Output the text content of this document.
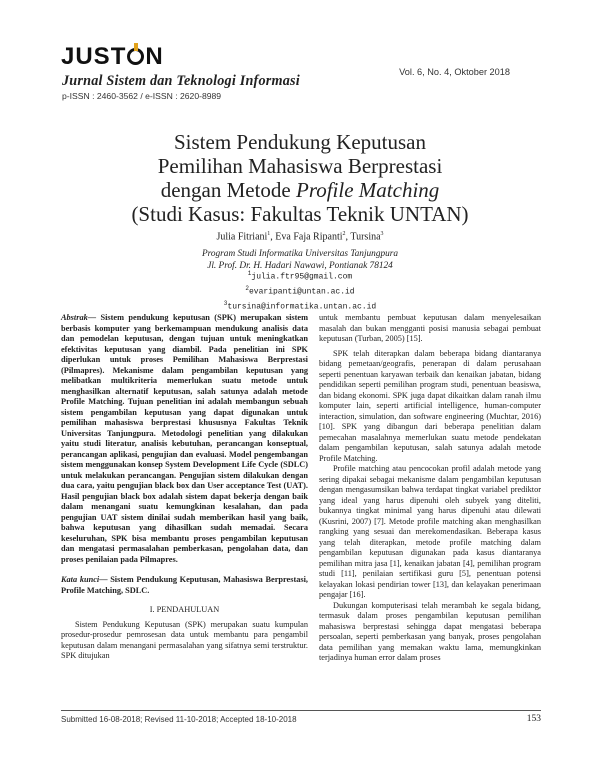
JUST N
Jurnal Sistem dan Teknologi Informasi
p-ISSN : 2460-3562 / e-ISSN : 2620-8989
Vol. 6, No. 4, Oktober 2018
Sistem Pendukung Keputusan
Pemilihan Mahasiswa Berprestasi
dengan Metode Profile Matching
(Studi Kasus: Fakultas Teknik UNTAN)
Julia Fitriani$^1$, Eva Faja Ripanti$^2$, Tursina$^3$
Program Studi Informatika Universitas Tanjungpura
Jl. Prof. Dr. H. Hadari Nawawi, Pontianak 78124
$^1$julia.ftr95@gmail.com
$^2$evaripanti@untan.ac.id
$^3$tursina@informatika.untan.ac.id

Abstrak— Sistem pendukung keputusan (SPK) merupakan sistem berbasis komputer yang berkemampuan mendukung analisis data dan pemodelan keputusan, dengan tujuan untuk meningkatkan efektivitas keputusan yang diambil. Pada penelitian ini SPK diperlukan untuk proses Pemilihan Mahasiswa Berprestasi (Pilmapres). Mekanisme dalam pengambilan keputusan yang melibatkan multikriteria memerlukan suatu metode untuk menghasilkan alternatif keputusan, salah satunya adalah metode Profile Matching. Tujuan penelitian ini adalah membangun sebuah sistem pengambilan keputusan yang dapat digunakan untuk pemilihan mahasiswa berprestasi khususnya Fakultas Teknik Universitas Tanjungpura. Metodologi penelitian yang dilakukan yaitu studi literatur, analisis kebutuhan, perancangan konseptual, perancangan aplikasi, pengujian dan evaluasi. Model pengembangan sistem menggunakan konsep System Development Life Cycle (SDLC) untuk melakukan perancangan. Pengujian sistem dilakukan dengan dua cara, yaitu pengujian black box dan User acceptance Test (UAT). Hasil pengujian black box adalah sistem dapat bekerja dengan baik dalam menangani suatu kemungkinan kesalahan, dan pada pengujian UAT sistem dinilai sudah memberikan hasil yang baik, bahwa keputusan yang dihasilkan sudah memadai. Secara keseluruhan, SPK bisa membantu proses pengambilan keputusan dan mengatasi permasalahan pemberkasan, pengolahan data, dan proses penilaian pada Pilmapres.

Kata kunci— Sistem Pendukung Keputusan, Mahasiswa Berprestasi, Profile Matching, SDLC.

I. PENDAHULUAN

Sistem Pendukung Keputusan (SPK) merupakan suatu kumpulan prosedur-prosedur pemrosesan data untuk membantu para pengambil keputusan dalam menangani permasalahan yang sifatnya semi terstruktur. SPK ditujukan

untuk membantu pembuat keputusan dalam menyelesaikan masalah dan bukan mengganti posisi manusia sebagai pembuat keputusan (Turban, 2005) [15].

SPK telah diterapkan dalam beberapa bidang diantaranya bidang pemetaan/geografis, penerapan di dalam perusahaan seperti penentuan karyawan terbaik dan kenaikan jabatan, bidang pendidikan seperti pemilihan program studi, penentuan beasiswa, dan bidang ekonomi. SPK juga dapat dikaitkan dalam ranah ilmu komputer lain, seperti artificial intelligence, human-computer interaction, simulation, dan software engineering (Muchtar, 2016) [10]. SPK yang dibangun dari beberapa penelitian dalam pemecahan masalahnya memerlukan suatu metode pendekatan dalam pengambilan keputusan, salah satunya adalah metode Profile Matching.

Profile matching atau pencocokan profil adalah metode yang sering dipakai sebagai mekanisme dalam pengambilan keputusan dengan mengasumsikan bahwa terdapat tingkat variabel prediktor yang ideal yang harus dipenuhi oleh subyek yang diteliti, bukannya tingkat minimal yang harus dipenuhi atau dilewati (Kusrini, 2007) [7]. Metode profile matching akan menghasilkan rangking yang sesuai dan merekomendasikan. Beberapa kasus yang telah diterapkan, metode profile matching dalam pengambilan keputusan digunakan pada kasus diantaranya pemilihan mitra jasa [1], kenaikan jabatan [4], pemilihan program studi [11], penilaian sertifikasi guru [5], penentuan potensi kelayakan lokasi pendirian tower [13], dan kelayakan penerimaan pengajar [16].

Dukungan komputerisasi telah merambah ke segala bidang, termasuk dalam proses pengambilan keputusan pemilihan mahasiswa berprestasi sehingga dapat mengatasi beberapa persoalan, seperti pemberkasan yang banyak, proses pengolahan data pemilihan yang memakan waktu lama, memungkinkan terjadinya human error dalam proses

Submitted 16-08-2018; Revised 11-10-2018; Accepted 18-10-2018	153
